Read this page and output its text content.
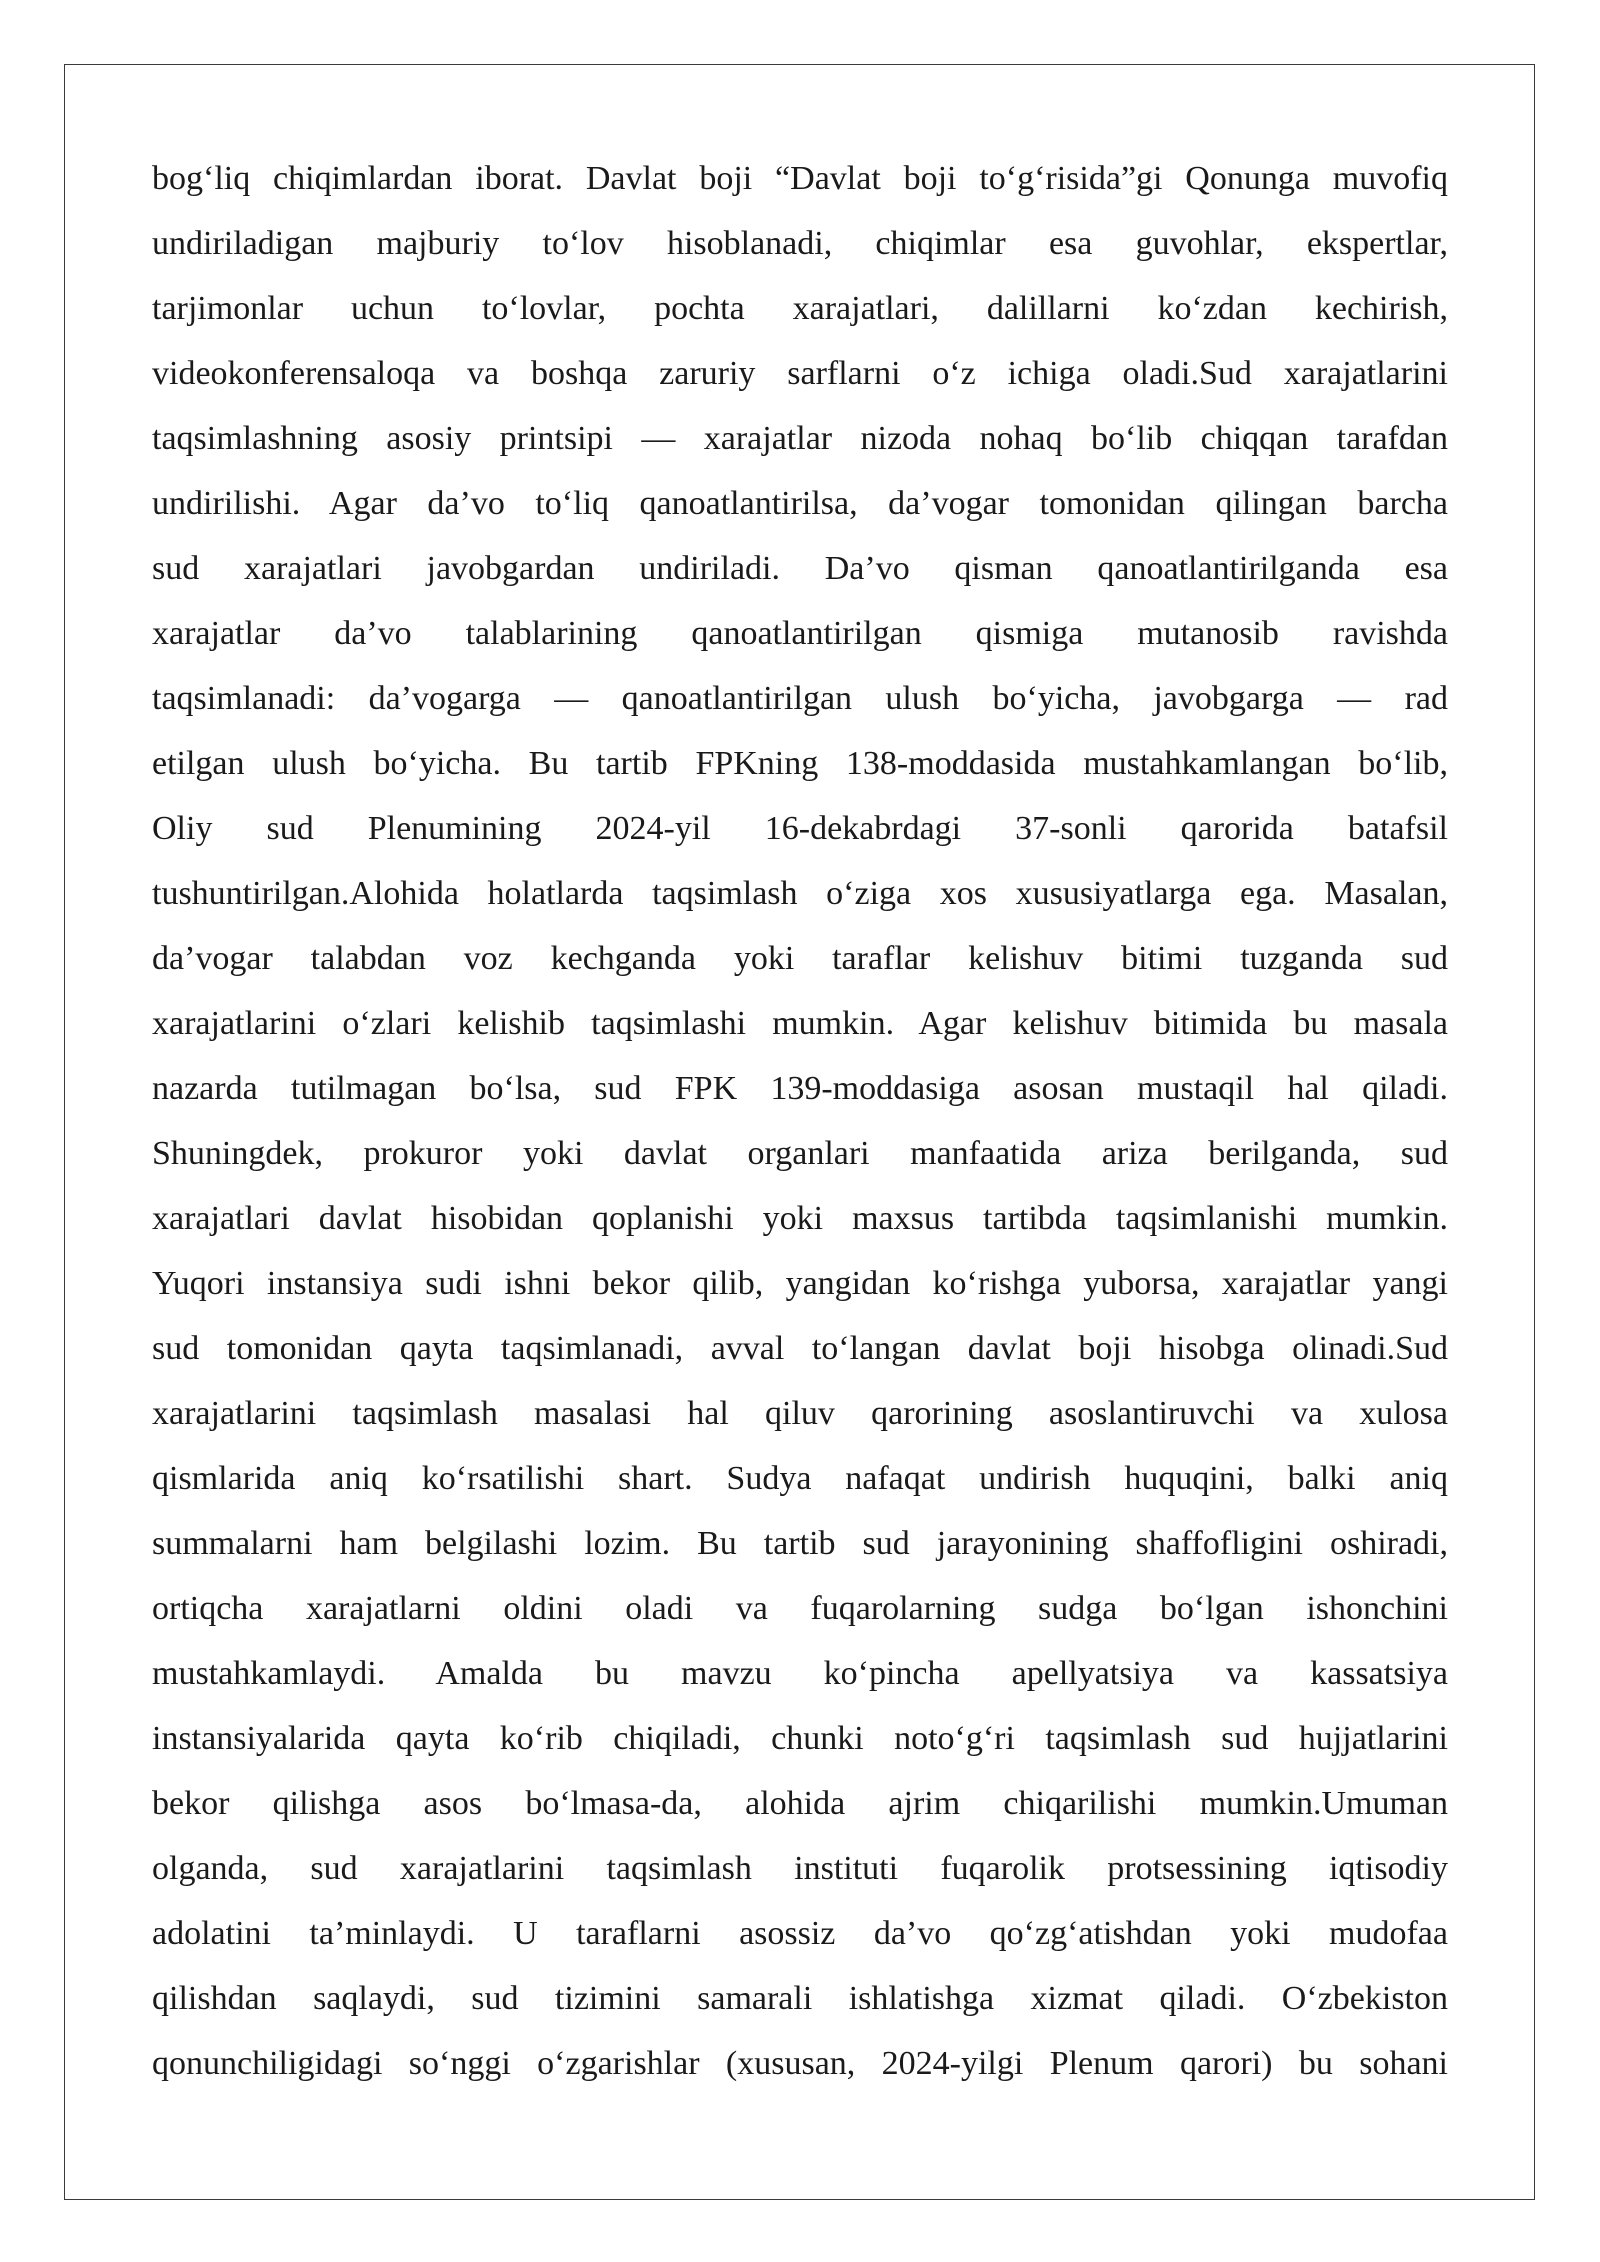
bog‘liq chiqimlardan iborat. Davlat boji “Davlat boji to‘g‘risida”gi Qonunga muvofiq
undiriladigan majburiy to‘lov hisoblanadi, chiqimlar esa guvohlar, ekspertlar,
tarjimonlar uchun to‘lovlar, pochta xarajatlari, dalillarni ko‘zdan kechirish,
videokonferensaloqa va boshqa zaruriy sarflarni o‘z ichiga oladi.Sud xarajatlarini
taqsimlashning asosiy printsipi — xarajatlar nizoda nohaq bo‘lib chiqqan tarafdan
undirilishi. Agar da’vo to‘liq qanoatlantirilsa, da’vogar tomonidan qilingan barcha
sud xarajatlari javobgardan undiriladi. Da’vo qisman qanoatlantirilganda esa
xarajatlar da’vo talablarining qanoatlantirilgan qismiga mutanosib ravishda
taqsimlanadi: da’vogarga — qanoatlantirilgan ulush bo‘yicha, javobgarga — rad
etilgan ulush bo‘yicha. Bu tartib FPKning 138-moddasida mustahkamlangan bo‘lib,
Oliy sud Plenumining 2024-yil 16-dekabrdagi 37-sonli qarorida batafsil
tushuntirilgan.Alohida holatlarda taqsimlash o‘ziga xos xususiyatlarga ega. Masalan,
da’vogar talabdan voz kechganda yoki taraflar kelishuv bitimi tuzganda sud
xarajatlarini o‘zlari kelishib taqsimlashi mumkin. Agar kelishuv bitimida bu masala
nazarda tutilmagan bo‘lsa, sud FPK 139-moddasiga asosan mustaqil hal qiladi.
Shuningdek, prokuror yoki davlat organlari manfaatida ariza berilganda, sud
xarajatlari davlat hisobidan qoplanishi yoki maxsus tartibda taqsimlanishi mumkin.
Yuqori instansiya sudi ishni bekor qilib, yangidan ko‘rishga yuborsa, xarajatlar yangi
sud tomonidan qayta taqsimlanadi, avval to‘langan davlat boji hisobga olinadi.Sud
xarajatlarini taqsimlash masalasi hal qiluv qarorining asoslantiruvchi va xulosa
qismlarida aniq ko‘rsatilishi shart. Sudya nafaqat undirish huquqini, balki aniq
summalarni ham belgilashi lozim. Bu tartib sud jarayonining shaffofligini oshiradi,
ortiqcha xarajatlarni oldini oladi va fuqarolarning sudga bo‘lgan ishonchini
mustahkamlaydi. Amalda bu mavzu ko‘pincha apellyatsiya va kassatsiya
instansiyalarida qayta ko‘rib chiqiladi, chunki noto‘g‘ri taqsimlash sud hujjatlarini
bekor qilishga asos bo‘lmasa-da, alohida ajrim chiqarilishi mumkin.Umuman
olganda, sud xarajatlarini taqsimlash instituti fuqarolik protsessining iqtisodiy
adolatini ta’minlaydi. U taraflarni asossiz da’vo qo‘zg‘atishdan yoki mudofaa
qilishdan saqlaydi, sud tizimini samarali ishlatishga xizmat qiladi. O‘zbekiston
qonunchiligidagi so‘nggi o‘zgarishlar (xususan, 2024-yilgi Plenum qarori) bu sohani
